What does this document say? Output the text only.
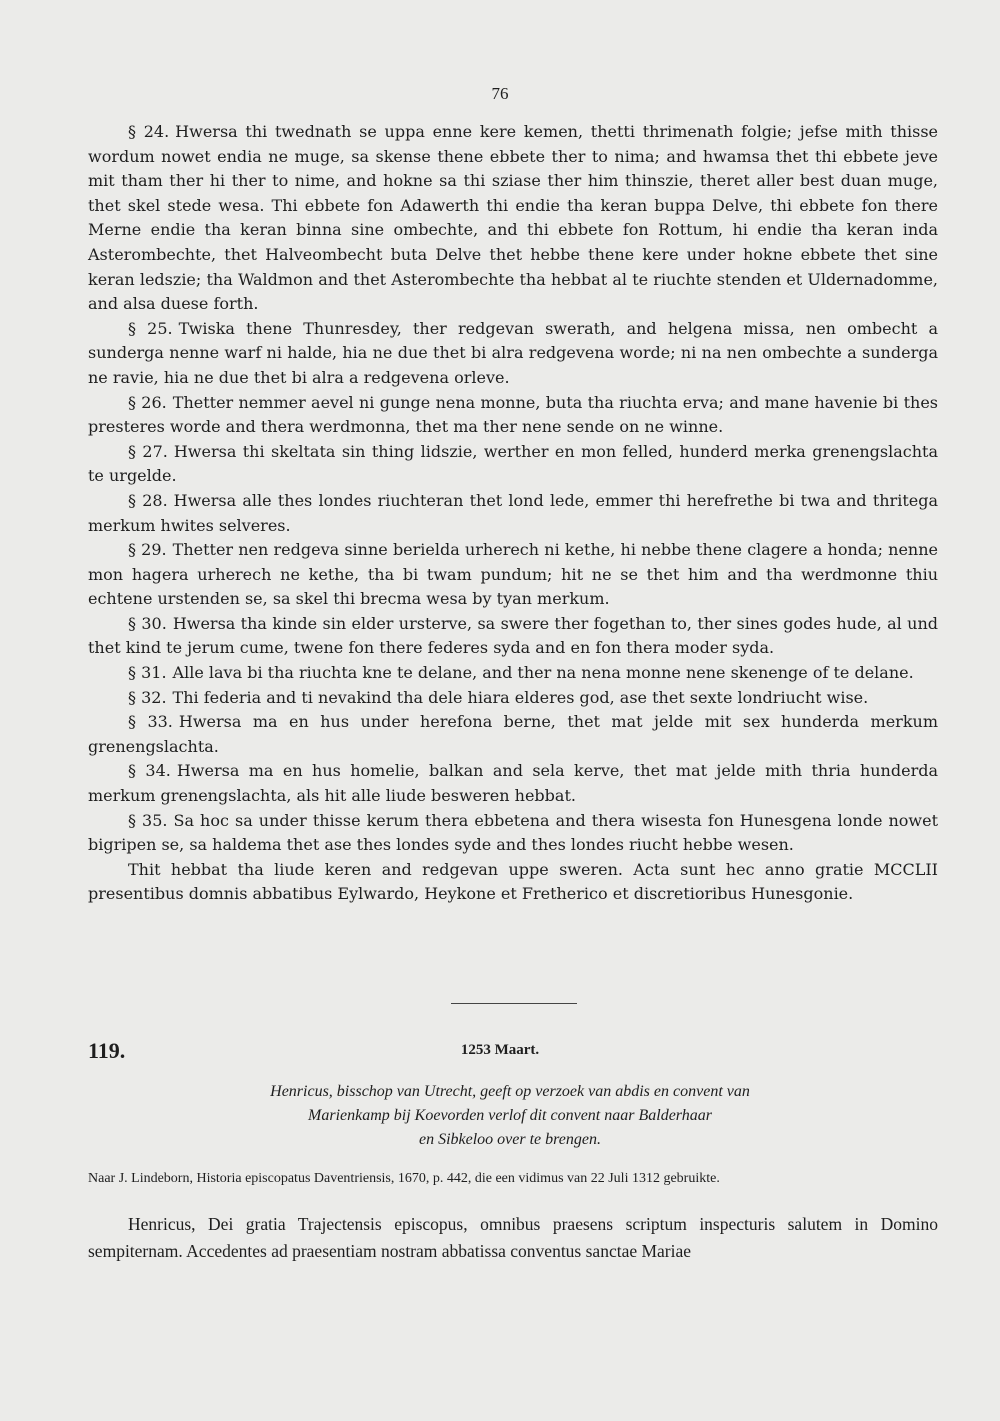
76

§ 24. Hwersa thi twednath se uppa enne kere kemen, thetti thrimenath folgie; jefse mith thisse wordum nowet endia ne muge, sa skense thene ebbete ther to nima; and hwamsa thet thi ebbete jeve mit tham ther hi ther to nime, and hokne sa thi sziase ther him thinszie, theret aller best duan muge, thet skel stede wesa. Thi ebbete fon Adawerth thi endie tha keran buppa Delve, thi ebbete fon there Merne endie tha keran binna sine ombechte, and thi ebbete fon Rottum, hi endie tha keran inda Asterombechte, thet Halveombecht buta Delve thet hebbe thene kere under hokne ebbete thet sine keran ledszie; tha Waldmon and thet Asterombechte tha hebbat al te riuchte stenden et Uldernadomme, and alsa duese forth.

§ 25. Twiska thene Thunresdey, ther redgevan swerath, and helgena missa, nen ombecht a sunderga nenne warf ni halde, hia ne due thet bi alra redgevena worde; ni na nen ombechte a sunderga ne ravie, hia ne due thet bi alra a redgevena orleve.

§ 26. Thetter nemmer aevel ni gunge nena monne, buta tha riuchta erva; and mane havenie bi thes presteres worde and thera werdmonna, thet ma ther nene sende on ne winne.

§ 27. Hwersa thi skeltata sin thing lidszie, werther en mon felled, hunderd merka grenengslachta te urgelde.

§ 28. Hwersa alle thes londes riuchteran thet lond lede, emmer thi herefrethe bi twa and thritega merkum hwites selveres.

§ 29. Thetter nen redgeva sinne berielda urherech ni kethe, hi nebbe thene clagere a honda; nenne mon hagera urherech ne kethe, tha bi twam pundum; hit ne se thet him and tha werdmonne thiu echtene urstenden se, sa skel thi brecma wesa by tyan merkum.

§ 30. Hwersa tha kinde sin elder ursterve, sa swere ther fogethan to, ther sines godes hude, al und thet kind te jerum cume, twene fon there federes syda and en fon thera moder syda.

§ 31. Alle lava bi tha riuchta kne te delane, and ther na nena monne nene skenenge of te delane.

§ 32. Thi federia and ti nevakind tha dele hiara elderes god, ase thet sexte londriucht wise.

§ 33. Hwersa ma en hus under herefona berne, thet mat jelde mit sex hunderda merkum grenengslachta.

§ 34. Hwersa ma en hus homelie, balkan and sela kerve, thet mat jelde mith thria hunderda merkum grenengslachta, als hit alle liude besweren hebbat.

§ 35. Sa hoc sa under thisse kerum thera ebbetena and thera wisesta fon Hunesgena londe nowet bigripen se, sa haldema thet ase thes londes syde and thes londes riucht hebbe wesen.

Thit hebbat tha liude keren and redgevan uppe sweren. Acta sunt hec anno gratie MCCLII presentibus domnis abbatibus Eylwardo, Heykone et Fretherico et discretioribus Hunesgonie.

119.	1253 Maart.
Henricus, bisschop van Utrecht, geeft op verzoek van abdis en convent van
Marienkamp bij Koevorden verlof dit convent naar Balderhaar
en Sibkeloo over te brengen.
Naar J. Lindeborn, Historia episcopatus Daventriensis, 1670, p. 442, die een vidimus van 22 Juli 1312 gebruikte.

Henricus, Dei gratia Trajectensis episcopus, omnibus praesens scriptum inspecturis salutem in Domino sempiternam. Accedentes ad praesentiam nostram abbatissa conventus sanctae Mariae
